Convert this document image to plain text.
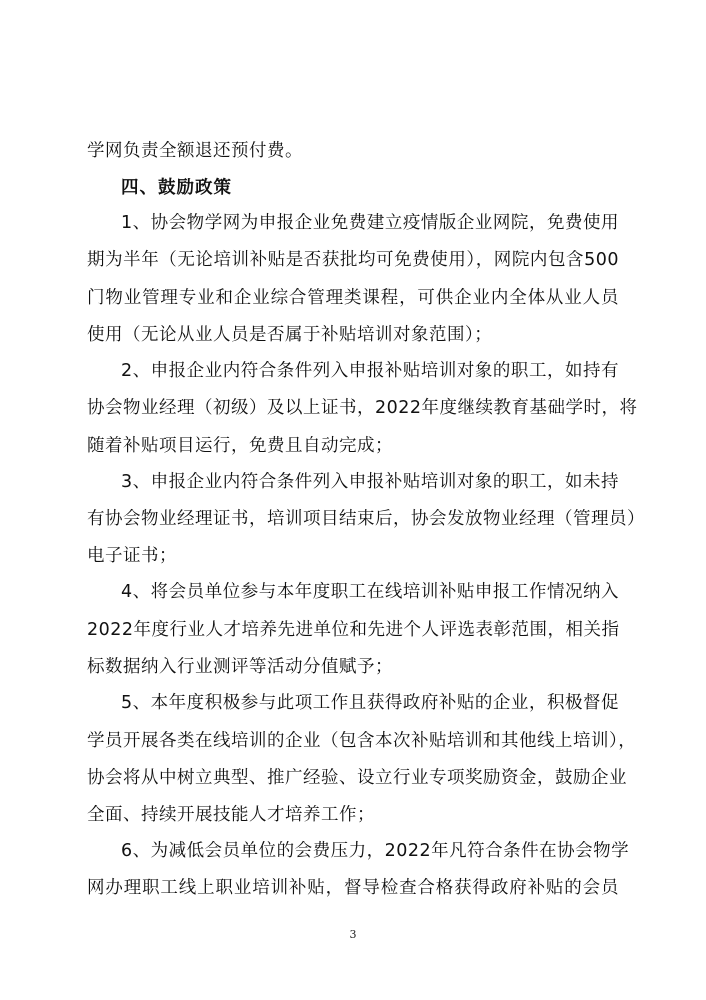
学网负责全额退还预付费。
四、鼓励政策
1、协会物学网为申报企业免费建立疫情版企业网院，免费使用
期为半年（无论培训补贴是否获批均可免费使用），网院内包含500
门物业管理专业和企业综合管理类课程，可供企业内全体从业人员
使用（无论从业人员是否属于补贴培训对象范围）；
2、申报企业内符合条件列入申报补贴培训对象的职工，如持有
协会物业经理（初级）及以上证书，2022年度继续教育基础学时，将
随着补贴项目运行，免费且自动完成；
3、申报企业内符合条件列入申报补贴培训对象的职工，如未持
有协会物业经理证书，培训项目结束后，协会发放物业经理（管理员）
电子证书；
4、将会员单位参与本年度职工在线培训补贴申报工作情况纳入
2022年度行业人才培养先进单位和先进个人评选表彰范围，相关指
标数据纳入行业测评等活动分值赋予；
5、本年度积极参与此项工作且获得政府补贴的企业，积极督促
学员开展各类在线培训的企业（包含本次补贴培训和其他线上培训），
协会将从中树立典型、推广经验、设立行业专项奖励资金，鼓励企业
全面、持续开展技能人才培养工作；
6、为减低会员单位的会费压力，2022年凡符合条件在协会物学
网办理职工线上职业培训补贴，督导检查合格获得政府补贴的会员
3
